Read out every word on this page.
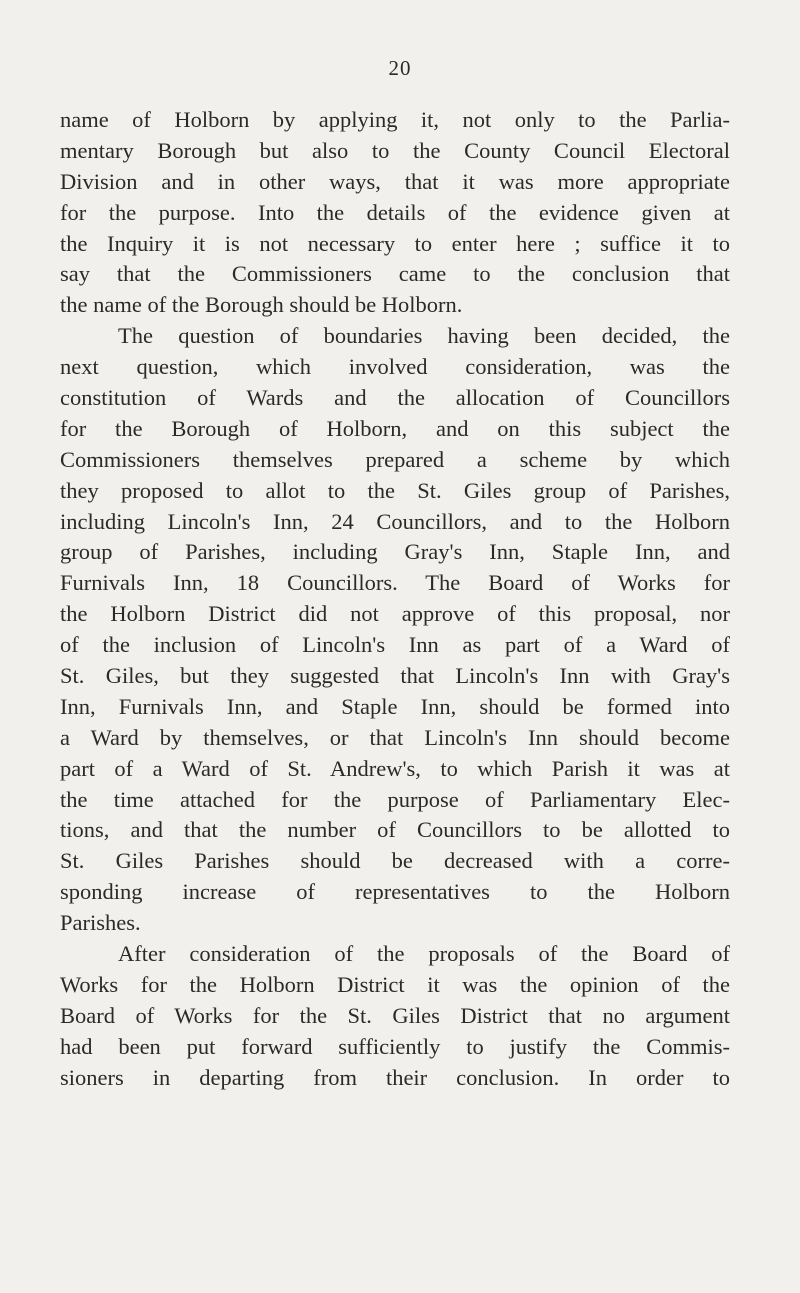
20
name of Holborn by applying it, not only to the Parlia-
mentary Borough but also to the County Council Electoral
Division and in other ways, that it was more appropriate
for the purpose. Into the details of the evidence given at
the Inquiry it is not necessary to enter here ; suffice it to
say that the Commissioners came to the conclusion that
the name of the Borough should be Holborn.
The question of boundaries having been decided, the
next question, which involved consideration, was the
constitution of Wards and the allocation of Councillors
for the Borough of Holborn, and on this subject the
Commissioners themselves prepared a scheme by which
they proposed to allot to the St. Giles group of Parishes,
including Lincoln's Inn, 24 Councillors, and to the Holborn
group of Parishes, including Gray's Inn, Staple Inn, and
Furnivals Inn, 18 Councillors. The Board of Works for
the Holborn District did not approve of this proposal, nor
of the inclusion of Lincoln's Inn as part of a Ward of
St. Giles, but they suggested that Lincoln's Inn with Gray's
Inn, Furnivals Inn, and Staple Inn, should be formed into
a Ward by themselves, or that Lincoln's Inn should become
part of a Ward of St. Andrew's, to which Parish it was at
the time attached for the purpose of Parliamentary Elec-
tions, and that the number of Councillors to be allotted to
St. Giles Parishes should be decreased with a corre-
sponding increase of representatives to the Holborn
Parishes.
After consideration of the proposals of the Board of
Works for the Holborn District it was the opinion of the
Board of Works for the St. Giles District that no argument
had been put forward sufficiently to justify the Commis-
sioners in departing from their conclusion. In order to
